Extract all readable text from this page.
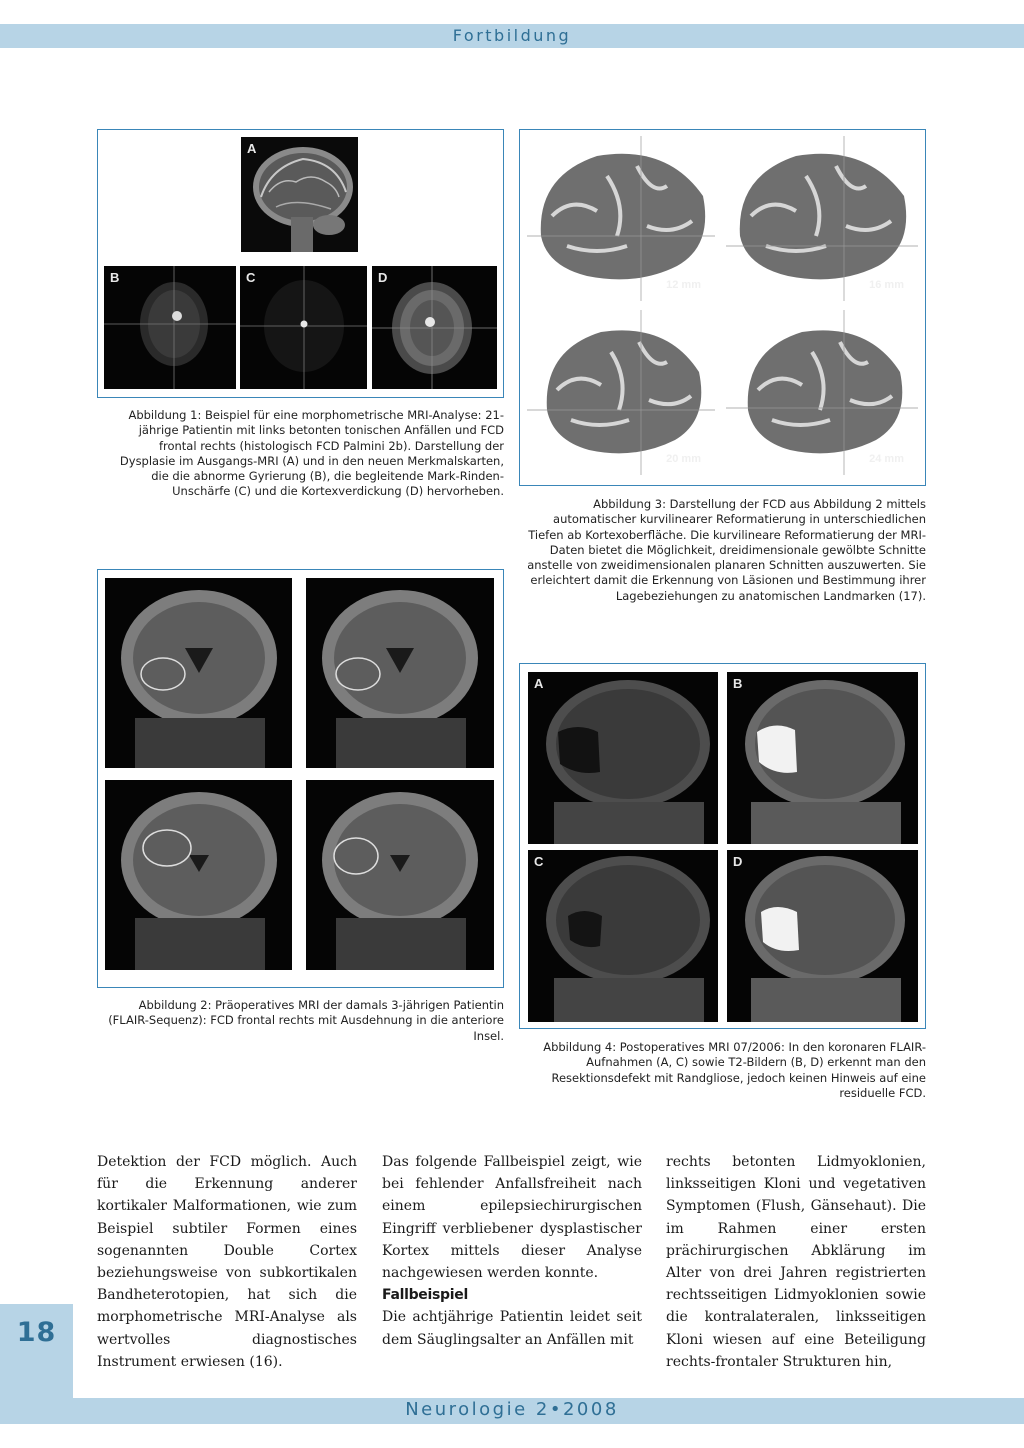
Fortbildung
A
B	C	D
Abbildung 1: Beispiel für eine morphometrische MRI-Analyse: 21-jährige Patientin mit links betonten tonischen Anfällen und FCD frontal rechts (histologisch FCD Palmini 2b). Darstellung der Dysplasie im Ausgangs-MRI (A) und in den neuen Merkmalskarten, die die abnorme Gyrierung (B), die begleitende Mark-Rinden-Unschärfe (C) und die Kortexverdickung (D) hervorheben.
Abbildung 2: Präoperatives MRI der damals 3-jährigen Patientin (FLAIR-Sequenz): FCD frontal rechts mit Ausdehnung in die anteriore Insel.
12 mm	16 mm
20 mm	24 mm
Abbildung 3: Darstellung der FCD aus Abbildung 2 mittels automatischer kurvilinearer Reformatierung in unterschiedlichen Tiefen ab Kortexoberfläche. Die kurvilineare Reformatierung der MRI-Daten bietet die Möglichkeit, dreidimensionale gewölbte Schnitte anstelle von zweidimensionalen planaren Schnitten auszuwerten. Sie erleichtert damit die Erkennung von Läsionen und Bestimmung ihrer Lagebeziehungen zu anatomischen Landmarken (17).
A	B
C	D
Abbildung 4: Postoperatives MRI 07/2006: In den koronaren FLAIR-Aufnahmen (A, C) sowie T2-Bildern (B, D) erkennt man den Resektionsdefekt mit Randgliose, jedoch keinen Hinweis auf eine residuelle FCD.

Detektion der FCD möglich. Auch für die Erkennung anderer kortikaler Malformationen, wie zum Beispiel subtiler Formen eines sogenannten Double Cortex beziehungsweise von subkortikalen Bandheterotopien, hat sich die morphometrische MRI-Analyse als wertvolles diagnostisches Instrument erwiesen (16).

Das folgende Fallbeispiel zeigt, wie bei fehlender Anfallsfreiheit nach einem epilepsiechirurgischen Eingriff verbliebener dysplastischer Kortex mittels dieser Analyse nachgewiesen werden konnte.

Fallbeispiel

Die achtjährige Patientin leidet seit dem Säuglingsalter an Anfällen mit

rechts betonten Lidmyoklonien, linksseitigen Kloni und vegetativen Symptomen (Flush, Gänsehaut). Die im Rahmen einer ersten prächirurgischen Abklärung im Alter von drei Jahren registrierten rechtsseitigen Lidmyoklonien sowie die kontralateralen, linksseitigen Kloni wiesen auf eine Beteiligung rechts-frontaler Strukturen hin,

18
Neurologie 2•2008
